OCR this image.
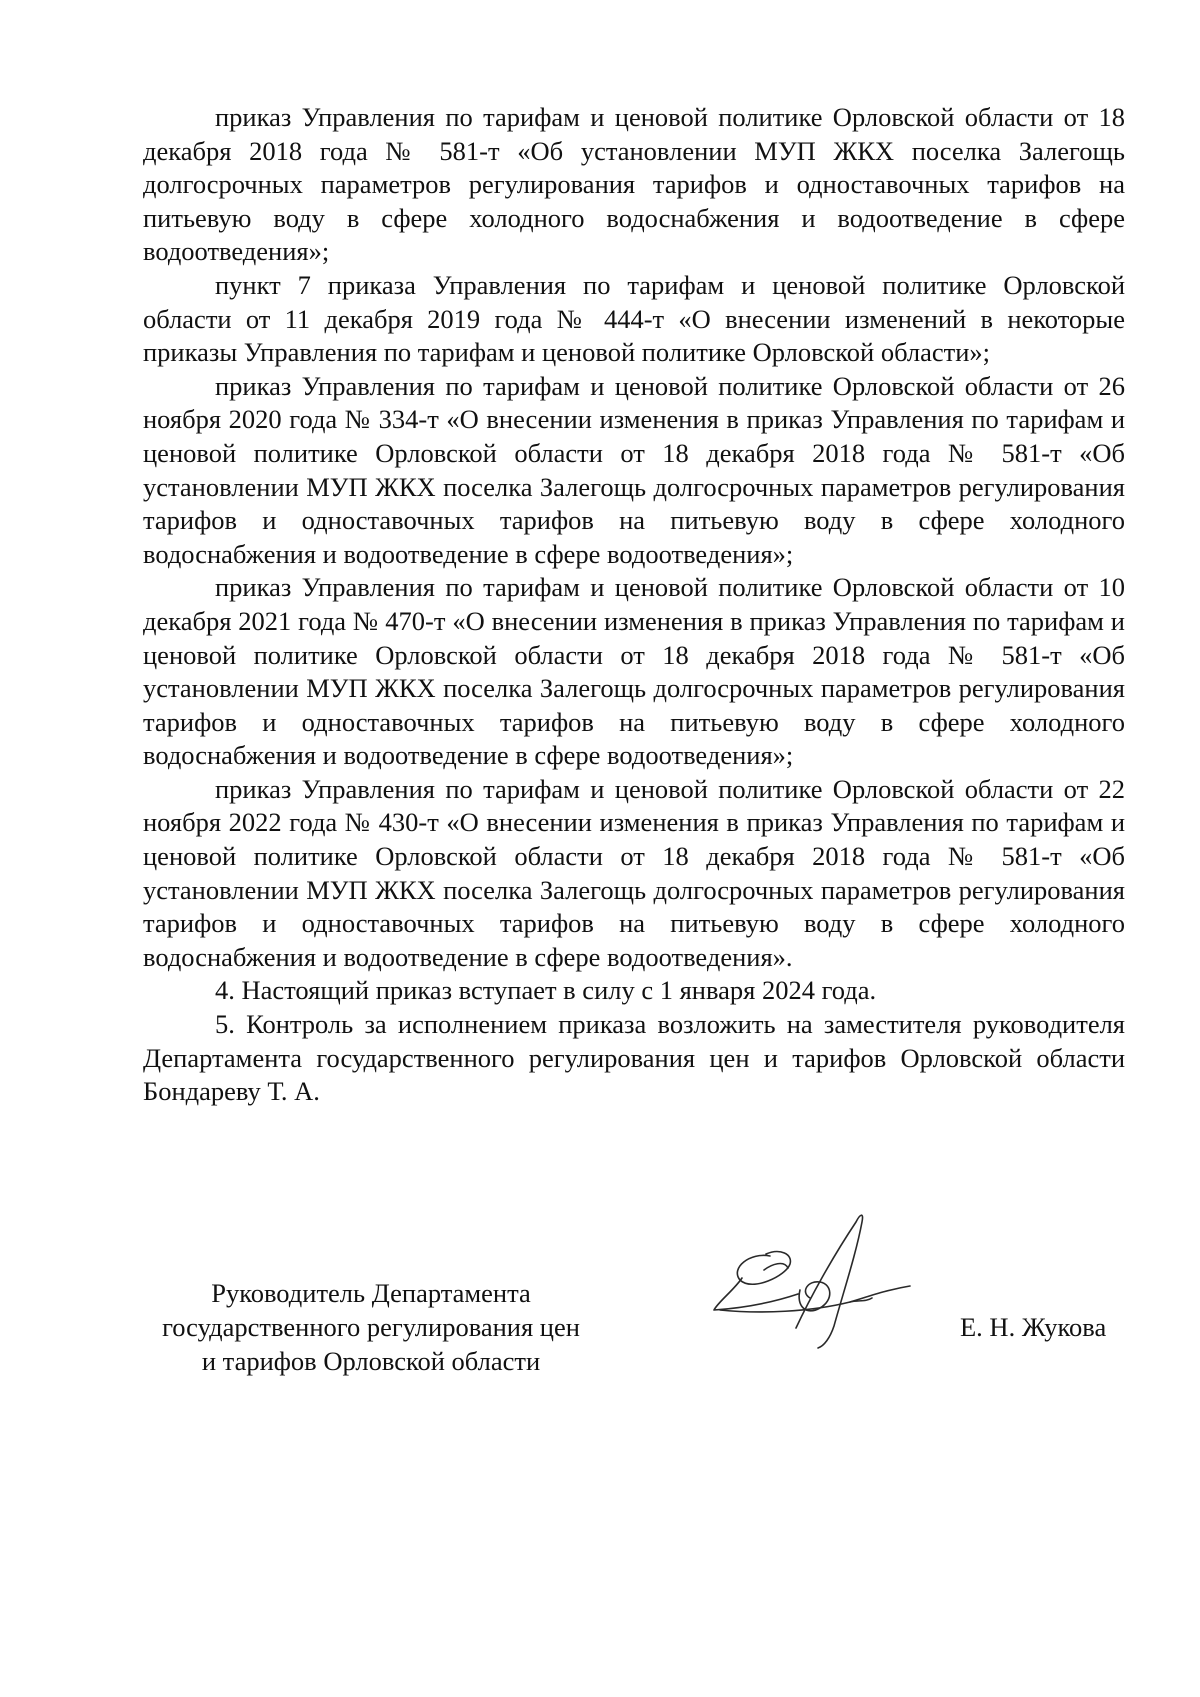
приказ Управления по тарифам и ценовой политике Орловской области от 18 декабря 2018 года № 581-т «Об установлении МУП ЖКХ поселка Залегощь долгосрочных параметров регулирования тарифов и одноставочных тарифов на питьевую воду в сфере холодного водоснабжения и водоотведение в сфере водоотведения»;

пункт 7 приказа Управления по тарифам и ценовой политике Орловской области от 11 декабря 2019 года № 444-т «О внесении изменений в некоторые приказы Управления по тарифам и ценовой политике Орловской области»;

приказ Управления по тарифам и ценовой политике Орловской области от 26 ноября 2020 года № 334-т «О внесении изменения в приказ Управления по тарифам и ценовой политике Орловской области от 18 декабря 2018 года № 581-т «Об установлении МУП ЖКХ поселка Залегощь долгосрочных параметров регулирования тарифов и одноставочных тарифов на питьевую воду в сфере холодного водоснабжения и водоотведение в сфере водоотведения»;

приказ Управления по тарифам и ценовой политике Орловской области от 10 декабря 2021 года № 470-т «О внесении изменения в приказ Управления по тарифам и ценовой политике Орловской области от 18 декабря 2018 года № 581-т «Об установлении МУП ЖКХ поселка Залегощь долгосрочных параметров регулирования тарифов и одноставочных тарифов на питьевую воду в сфере холодного водоснабжения и водоотведение в сфере водоотведения»;

приказ Управления по тарифам и ценовой политике Орловской области от 22 ноября 2022 года № 430-т «О внесении изменения в приказ Управления по тарифам и ценовой политике Орловской области от 18 декабря 2018 года № 581-т «Об установлении МУП ЖКХ поселка Залегощь долгосрочных параметров регулирования тарифов и одноставочных тарифов на питьевую воду в сфере холодного водоснабжения и водоотведение в сфере водоотведения».

4. Настоящий приказ вступает в силу с 1 января 2024 года.

5. Контроль за исполнением приказа возложить на заместителя руководителя Департамента государственного регулирования цен и тарифов Орловской области Бондареву Т. А.

Руководитель Департамента
государственного регулирования цен
и тарифов Орловской области
Е. Н. Жукова
